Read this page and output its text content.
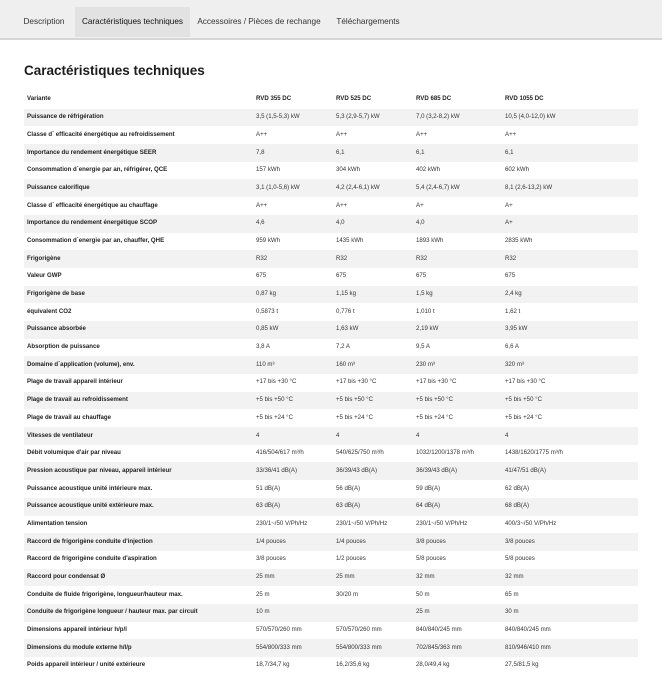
Description	Caractéristiques techniques	Accessoires / Pièces de rechange	Téléchargements
Caractéristiques techniques
Variante	RVD 355 DC	RVD 525 DC	RVD 685 DC	RVD 1055 DC
Puissance de réfrigération	3,5 (1,5-5,3) kW	5,3 (2,9-5,7) kW	7,0 (3,2-8,2) kW	10,5 (4,0-12,0) kW
Classe d´ efficacité énergétique au refroidissement	A++	A++	A++	A++
Importance du rendement énergétique SEER	7,8	6,1	6,1	6,1
Consommation d´energie par an, réfrigérer, QCE	157 kWh	304 kWh	402 kWh	602 kWh
Puissance calorifique	3,1 (1,0-5,6) kW	4,2 (2,4-6,1) kW	5,4 (2,4-6,7) kW	8,1 (2,6-13,2) kW
Classe d´ efficacité énergétique au chauffage	A++	A++	A+	A+
Importance du rendement énergétique SCOP	4,6	4,0	4,0	A+
Consommation d´energie par an, chauffer, QHE	959 kWh	1435 kWh	1893 kWh	2835 kWh
Frigorigène	R32	R32	R32	R32
Valeur GWP	675	675	675	675
Frigorigène de base	0,87 kg	1,15 kg	1,5 kg	2,4 kg
équivalent CO2	0,5873 t	0,776 t	1,010 t	1,62 t
Puissance absorbée	0,85 kW	1,63 kW	2,19 kW	3,95 kW
Absorption de puissance	3,8 A	7,2 A	9,5 A	6,6 A
Domaine d´application (volume), env.	110 m³	160 m³	230 m³	320 m³
Plage de travail appareil intérieur	+17 bis +30 °C	+17 bis +30 °C	+17 bis +30 °C	+17 bis +30 °C
Plage de travail au refroidissement	+5 bis +50 °C	+5 bis +50 °C	+5 bis +50 °C	+5 bis +50 °C
Plage de travail au chauffage	+5 bis +24 °C	+5 bis +24 °C	+5 bis +24 °C	+5 bis +24 °C
Vitesses de ventilateur	4	4	4	4
Débit volumique d'air par niveau	416/504/617 m³/h	540/625/750 m³/h	1032/1200/1378 m³/h	1438/1620/1775 m³/h
Pression acoustique par niveau, appareil intérieur	33/36/41 dB(A)	36/39/43 dB(A)	36/39/43 dB(A)	41/47/51 dB(A)
Puissance acoustique unité intérieure max.	51 dB(A)	56 dB(A)	59 dB(A)	62 dB(A)
Puissance acoustique unité extérieure max.	63 dB(A)	63 dB(A)	64 dB(A)	68 dB(A)
Alimentation tension	230/1~/50 V/Ph/Hz	230/1~/50 V/Ph/Hz	230/1~/50 V/Ph/Hz	400/3~/50 V/Ph/Hz
Raccord de frigorigène conduite d'injection	1/4 pouces	1/4 pouces	3/8 pouces	3/8 pouces
Raccord de frigorigène conduite d'aspiration	3/8 pouces	1/2 pouces	5/8 pouces	5/8 pouces
Raccord pour condensat Ø	25 mm	25 mm	32 mm	32 mm
Conduite de fluide frigorigène, longueur/hauteur max.	25 m	30/20 m	50 m	65 m
Conduite de frigorigène longueur / hauteur max. par circuit	10 m		25 m	30 m
Dimensions appareil intérieur h/p/l	570/570/260 mm	570/570/260 mm	840/840/245 mm	840/840/245 mm
Dimensions du module externe h/l/p	554/800/333 mm	554/800/333 mm	702/845/363 mm	810/946/410 mm
Poids appareil intérieur / unité extérieure	18,7/34,7 kg	16,2/35,6 kg	28,0/49,4 kg	27,5/81,5 kg
